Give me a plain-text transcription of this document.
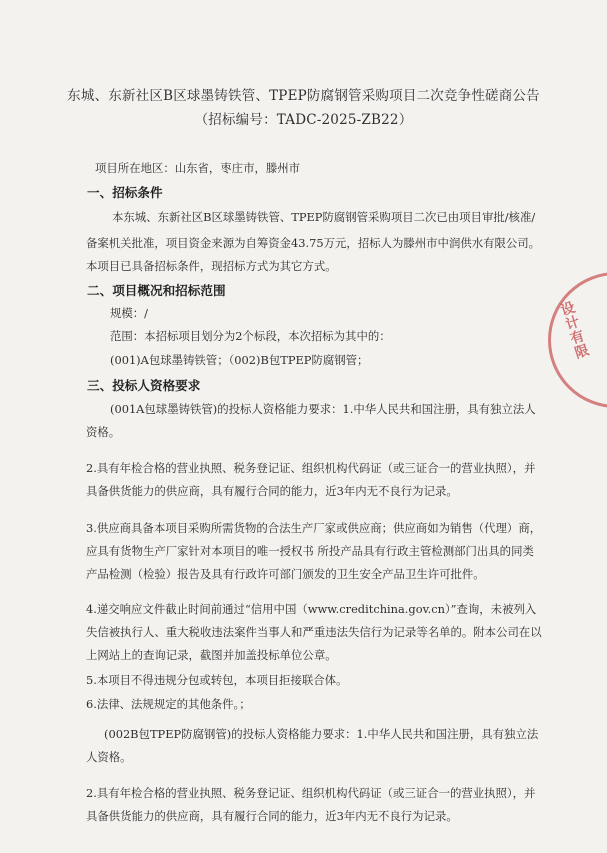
东城、东新社区B区球墨铸铁管、TPEP防腐钢管采购项目二次竞争性磋商公告
（招标编号：TADC-2025-ZB22）
项目所在地区：山东省，枣庄市，滕州市
一、招标条件
本东城、东新社区B区球墨铸铁管、TPEP防腐钢管采购项目二次已由项目审批/核准/
备案机关批准，项目资金来源为自筹资金43.75万元，招标人为滕州市中润供水有限公司。
本项目已具备招标条件，现招标方式为其它方式。
二、项目概况和招标范围
规模：/
范围：本招标项目划分为2个标段，本次招标为其中的：
(001)A包球墨铸铁管；（002)B包TPEP防腐钢管；
三、投标人资格要求
(001A包球墨铸铁管)的投标人资格能力要求：1.中华人民共和国注册，具有独立法人
资格。
2.具有年检合格的营业执照、税务登记证、组织机构代码证（或三证合一的营业执照），并
具备供货能力的供应商，具有履行合同的能力，近3年内无不良行为记录。
3.供应商具备本项目采购所需货物的合法生产厂家或供应商；供应商如为销售（代理）商，
应具有货物生产厂家针对本项目的唯一授权书 所投产品具有行政主管检测部门出具的同类
产品检测（检验）报告及具有行政许可部门颁发的卫生安全产品卫生许可批件。
4.递交响应文件截止时间前通过“信用中国（www.creditchina.gov.cn）”查询，未被列入
失信被执行人、重大税收违法案件当事人和严重违法失信行为记录等名单的。附本公司在以
上网站上的查询记录，截图并加盖投标单位公章。
5.本项目不得违规分包或转包，本项目拒接联合体。
6.法律、法规规定的其他条件。；
(002B包TPEP防腐钢管)的投标人资格能力要求：1.中华人民共和国注册，具有独立法
人资格。
2.具有年检合格的营业执照、税务登记证、组织机构代码证（或三证合一的营业执照），并
具备供货能力的供应商，具有履行合同的能力，近3年内无不良行为记录。
设计有限
